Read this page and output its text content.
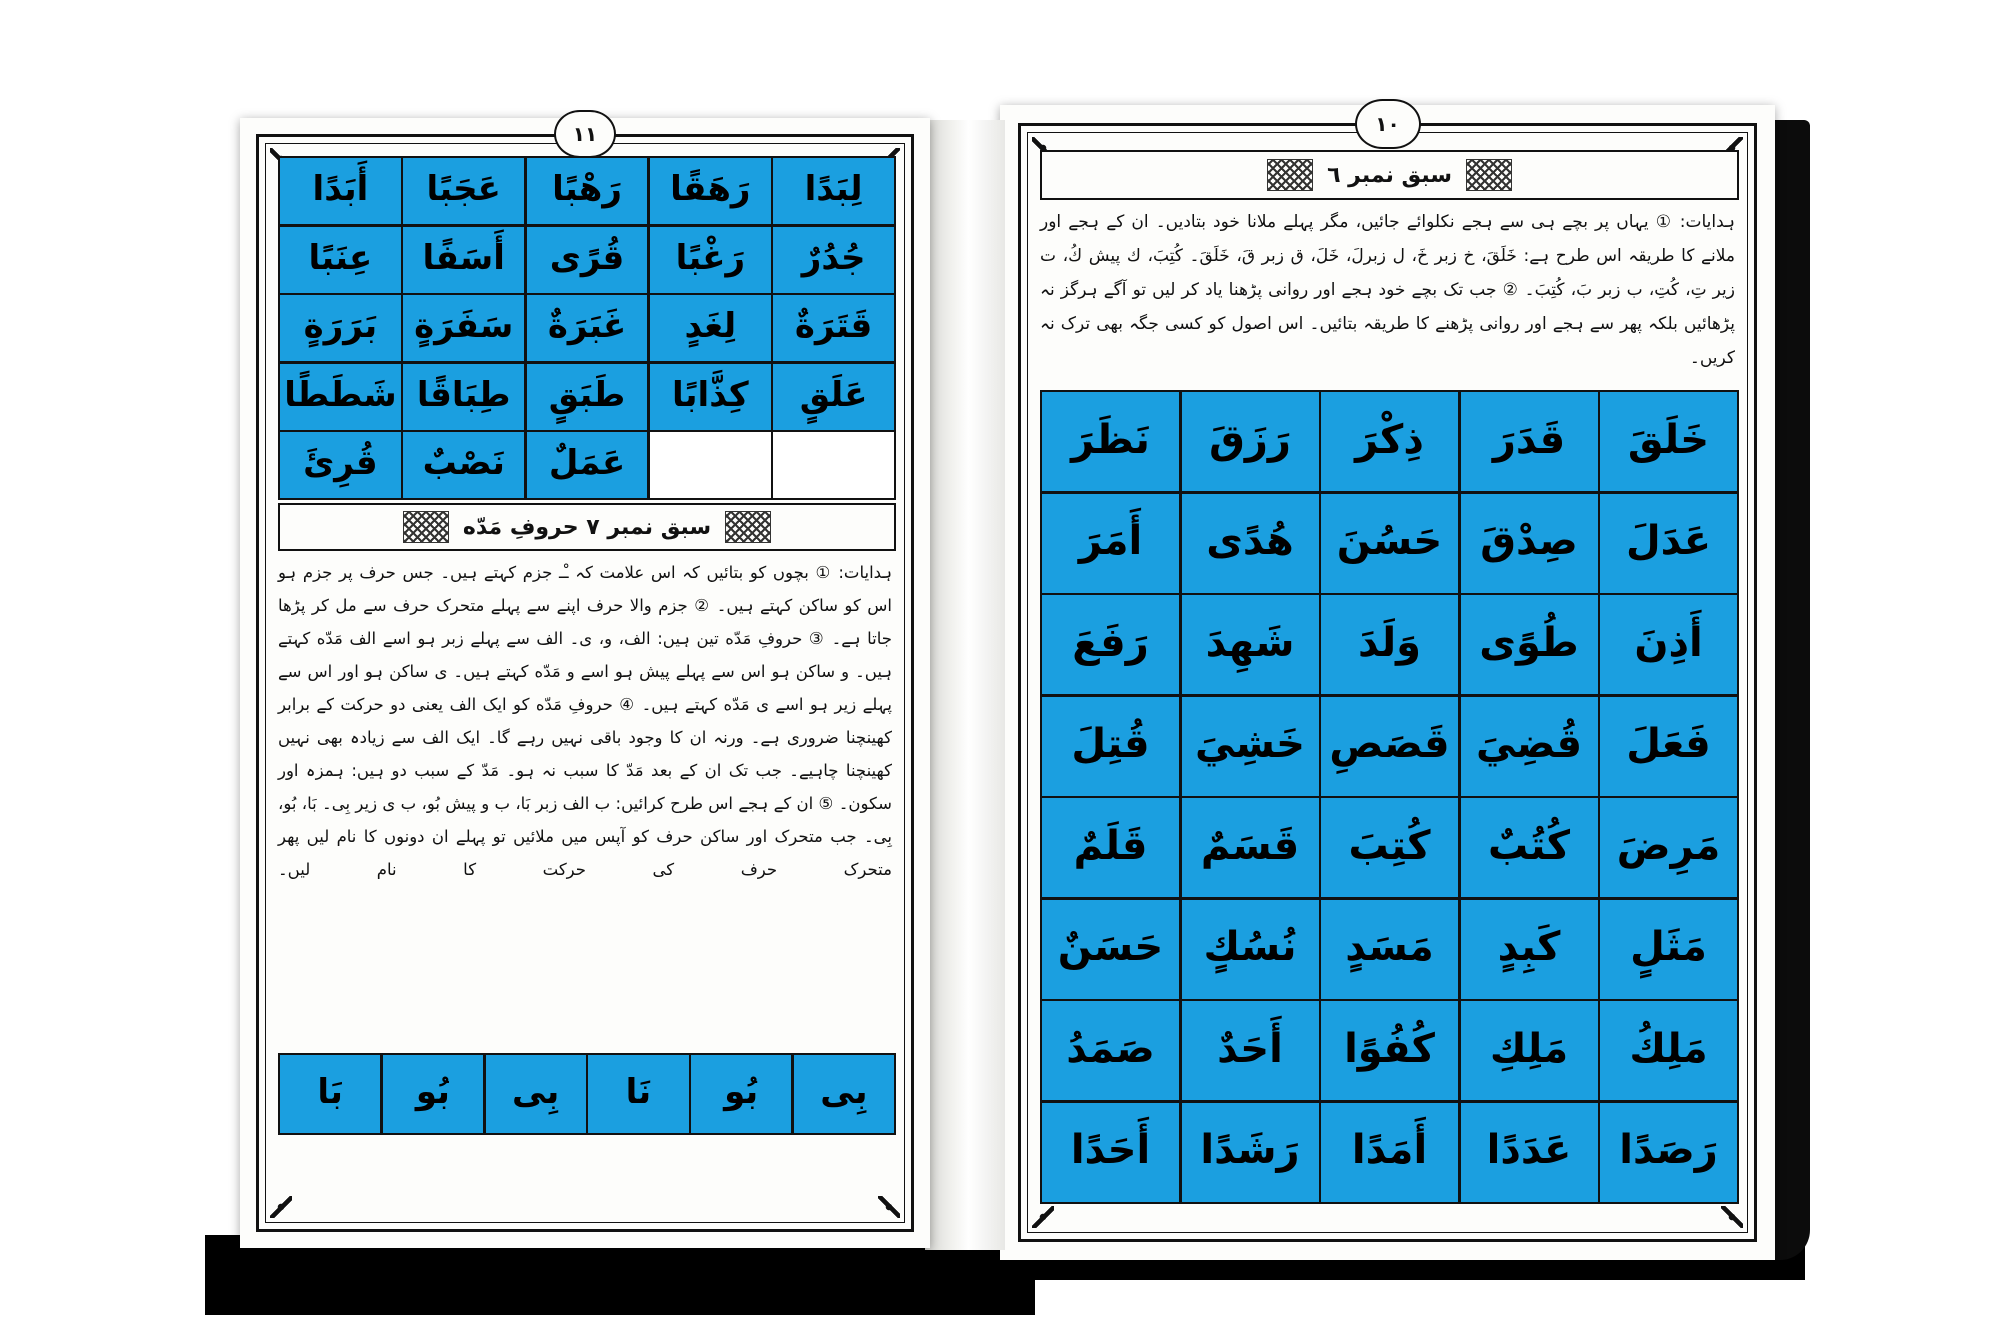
١٠
سبق نمبر ٦

ہدایات: ① یہاں پر بچے ہی سے ہجے نکلوائے جائیں، مگر پہلے ملانا خود بتادیں۔ ان کے ہجے اور ملانے کا طریقہ اس طرح ہے: خَلَقَ، خ زبر خَ، ل زبرلَ، خَلَ، ق زبر قَ، خَلَقَ۔ كُتِبَ، ك پیش كُ، ت زیر تِ، كُتِ، ب زبر بَ، كُتِبَ۔ ② جب تک بچے خود ہجے اور روانی پڑھنا یاد کر لیں تو آگے ہرگز نہ پڑھائیں بلکہ پھر سے ہجے اور روانی پڑھنے کا طریقہ بتائیں۔ اس اصول کو کسی جگہ بھی ترک نہ کریں۔

خَلَقَ
قَدَرَ
ذِكْرَ
رَزَقَ
نَظَرَ
عَدَلَ
صِدْقَ
حَسُنَ
هُدًى
أَمَرَ
أَذِنَ
طُوًى
وَلَدَ
شَهِدَ
رَفَعَ
فَعَلَ
قُضِيَ
قَصَصِ
خَشِيَ
قُتِلَ
مَرِضَ
كُتُبٌ
كُتِبَ
قَسَمٌ
قَلَمٌ
مَثَلٍ
كَبِدٍ
مَسَدٍ
نُسُكٍ
حَسَنٌ
مَلِكُ
مَلِكِ
كُفُوًا
أَحَدٌ
صَمَدُ
رَصَدًا
عَدَدًا
أَمَدًا
رَشَدًا
أَحَدًا
١١
لِبَدًا
رَهَقًا
رَهْبًا
عَجَبًا
أَبَدًا
جُدُرٌ
رَغْبًا
قُرًى
أَسَفًا
عِنَبًا
قَتَرَةٌ
لِغَدٍ
غَبَرَةٌ
سَفَرَةٍ
بَرَرَةٍ
عَلَقٍ
كِذَّابًا
طَبَقٍ
طِبَاقًا
شَطَطًا
عَمَلٌ
نَصْبٌ
قُرِئَ
سبق نمبر ٧ حروفِ مَدّه

ہدایات: ① بچوں کو بتائیں کہ اس علامت کہ ـْـ جزم کہتے ہیں۔ جس حرف پر جزم ہو اس کو ساکن کہتے ہیں۔ ② جزم والا حرف اپنے سے پہلے متحرک حرف سے مل کر پڑھا جاتا ہے۔ ③ حروفِ مَدّه تین ہیں: الف، و، ی۔ الف سے پہلے زبر ہو اسے الف مَدّه کہتے ہیں۔ و ساکن ہو اس سے پہلے پیش ہو اسے و مَدّه کہتے ہیں۔ ی ساکن ہو اور اس سے پہلے زیر ہو اسے ی مَدّه کہتے ہیں۔ ④ حروفِ مَدّه کو ایک الف یعنی دو حرکت کے برابر کھینچنا ضروری ہے۔ ورنہ ان کا وجود باقی نہیں رہے گا۔ ایک الف سے زیادہ بھی نہیں کھینچنا چاہیے۔ جب تک ان کے بعد مَدّ کا سبب نہ ہو۔ مَدّ کے سبب دو ہیں: ہمزہ اور سکون۔ ⑤ ان کے ہجے اس طرح کرائیں: ب الف زبر بَا، ب و پیش بُو، ب ی زیر بِی۔ بَا، بُو، بِی۔ جب متحرک اور ساکن حرف کو آپس میں ملائیں تو پہلے ان دونوں کا نام لیں پھر متحرک حرف کی حرکت کا نام لیں۔

بِی
بُو
نَا
بِی
بُو
بَا
